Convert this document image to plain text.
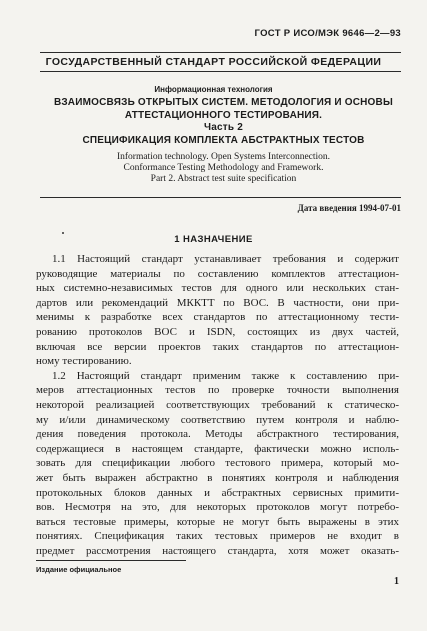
ГОСТ Р ИСО/МЭК 9646—2—93
ГОСУДАРСТВЕННЫЙ СТАНДАРТ РОССИЙСКОЙ ФЕДЕРАЦИИ
Информационная технология
ВЗАИМОСВЯЗЬ ОТКРЫТЫХ СИСТЕМ. МЕТОДОЛОГИЯ И ОСНОВЫ
АТТЕСТАЦИОННОГО ТЕСТИРОВАНИЯ.
Часть 2
СПЕЦИФИКАЦИЯ КОМПЛЕКТА АБСТРАКТНЫХ ТЕСТОВ
Information technology. Open Systems Interconnection.
Conformance Testing Methodology and Framework.
Part 2. Abstract test suite specification
Дата введения 1994-07-01
1 НАЗНАЧЕНИЕ
1.1 Настоящий стандарт устанавливает требования и содержит
руководящие материалы по составлению комплектов аттестацион-
ных системно-независимых тестов для одного или нескольких стан-
дартов или рекомендаций МККТТ по ВОС. В частности, они при-
менимы к разработке всех стандартов по аттестационному тести-
рованию протоколов ВОС и ISDN, состоящих из двух частей,
включая все версии проектов таких стандартов по аттестацион-
ному тестированию.
1.2 Настоящий стандарт применим также к составлению при-
меров аттестационных тестов по проверке точности выполнения
некоторой реализацией соответствующих требований к статическо-
му и/или динамическому соответствию путем контроля и наблю-
дения поведения протокола. Методы абстрактного тестирования,
содержащиеся в настоящем стандарте, фактически можно исполь-
зовать для спецификации любого тестового примера, который мо-
жет быть выражен абстрактно в понятиях контроля и наблюдения
протокольных блоков данных и абстрактных сервисных примити-
вов. Несмотря на это, для некоторых протоколов могут потребо-
ваться тестовые примеры, которые не могут быть выражены в этих
понятиях. Спецификация таких тестовых примеров не входит в
предмет рассмотрения настоящего стандарта, хотя может оказать-
Издание официальное
1
